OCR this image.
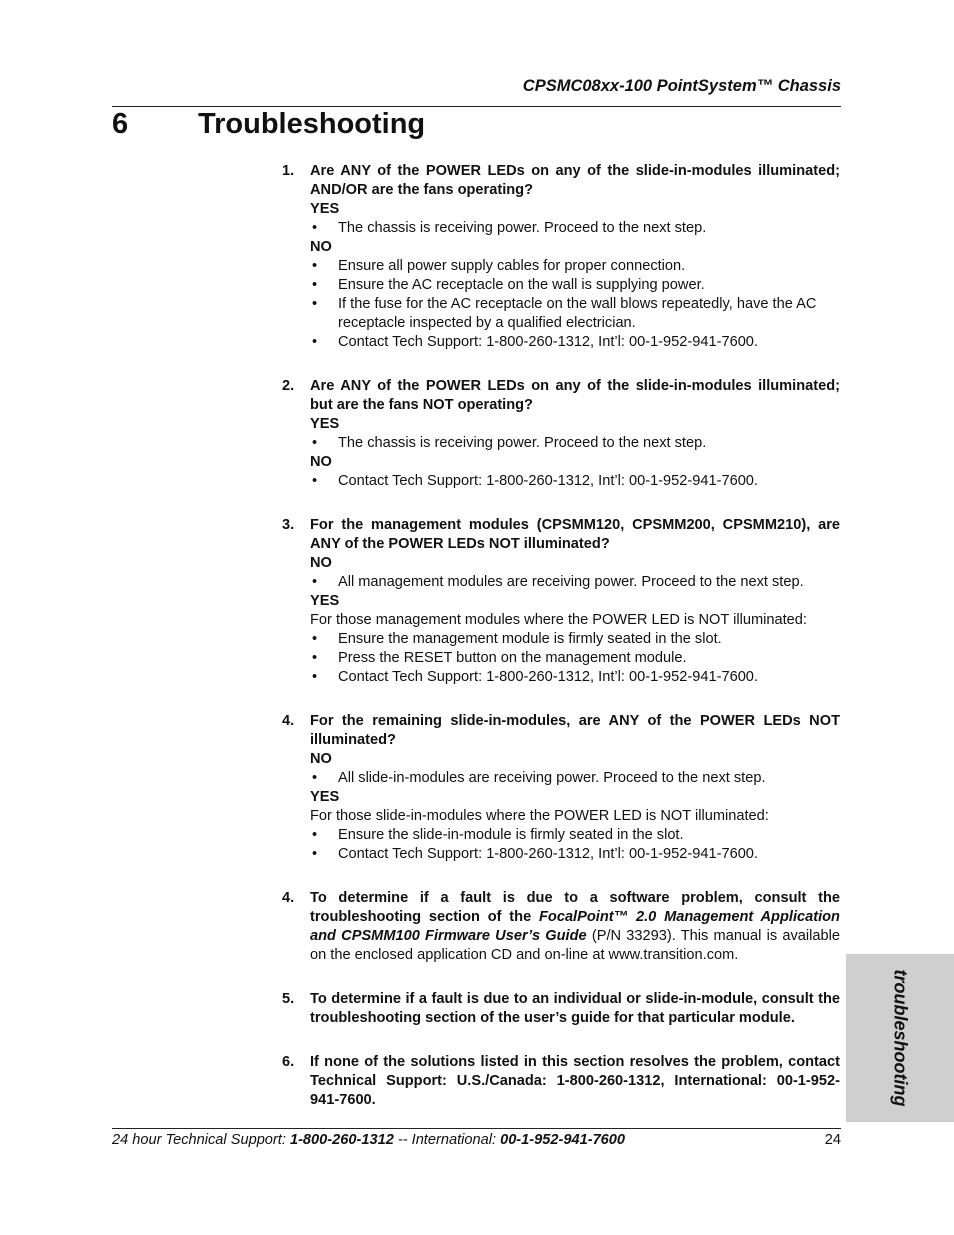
CPSMC08xx-100 PointSystem™ Chassis
6 Troubleshooting
1. Are ANY of the POWER LEDs on any of the slide-in-modules illuminated; AND/OR are the fans operating?
YES
• The chassis is receiving power. Proceed to the next step.
NO
• Ensure all power supply cables for proper connection.
• Ensure the AC receptacle on the wall is supplying power.
• If the fuse for the AC receptacle on the wall blows repeatedly, have the AC receptacle inspected by a qualified electrician.
• Contact Tech Support: 1-800-260-1312, Int’l: 00-1-952-941-7600.
2. Are ANY of the POWER LEDs on any of the slide-in-modules illuminated; but are the fans NOT operating?
YES
• The chassis is receiving power. Proceed to the next step.
NO
• Contact Tech Support: 1-800-260-1312, Int’l: 00-1-952-941-7600.
3. For the management modules (CPSMM120, CPSMM200, CPSMM210), are ANY of the POWER LEDs NOT illuminated?
NO
• All management modules are receiving power. Proceed to the next step.
YES
For those management modules where the POWER LED is NOT illuminated:
• Ensure the management module is firmly seated in the slot.
• Press the RESET button on the management module.
• Contact Tech Support: 1-800-260-1312, Int’l: 00-1-952-941-7600.
4. For the remaining slide-in-modules, are ANY of the POWER LEDs NOT illuminated?
NO
• All slide-in-modules are receiving power. Proceed to the next step.
YES
For those slide-in-modules where the POWER LED is NOT illuminated:
• Ensure the slide-in-module is firmly seated in the slot.
• Contact Tech Support: 1-800-260-1312, Int’l: 00-1-952-941-7600.
4. To determine if a fault is due to a software problem, consult the troubleshooting section of the FocalPoint™ 2.0 Management Application and CPSMM100 Firmware User’s Guide (P/N 33293). This manual is available on the enclosed application CD and on-line at www.transition.com.
5. To determine if a fault is due to an individual or slide-in-module, consult the troubleshooting section of the user’s guide for that particular module.
6. If none of the solutions listed in this section resolves the problem, contact Technical Support: U.S./Canada: 1-800-260-1312, International: 00-1-952-941-7600.	troubleshooting
24 hour Technical Support: 1-800-260-1312 -- International: 00-1-952-941-7600	24
